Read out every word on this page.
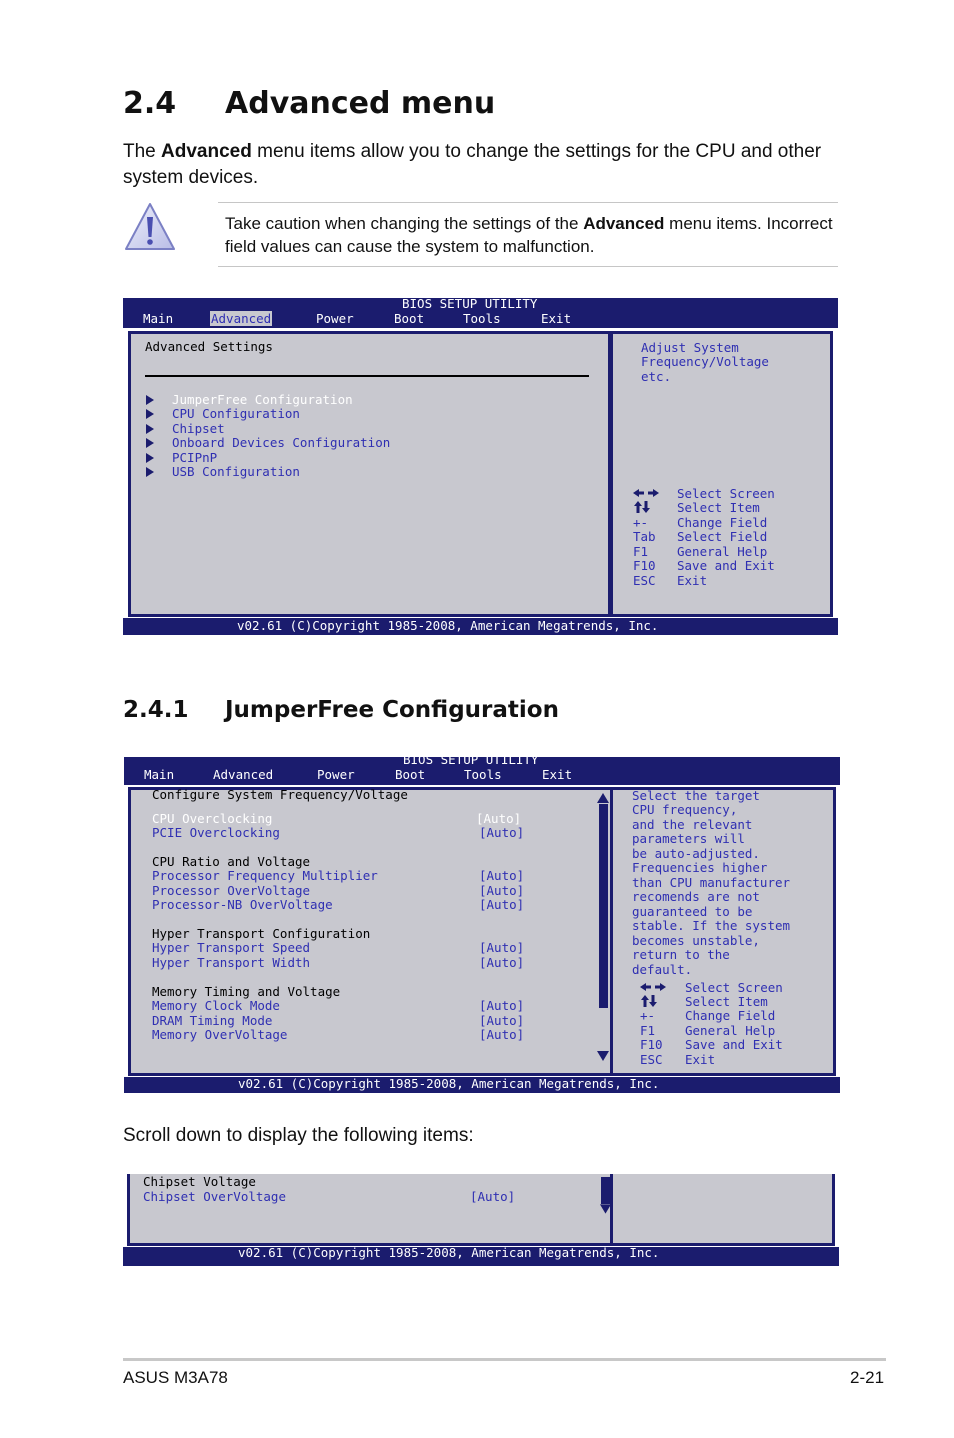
2.4 Advanced menu
The Advanced menu items allow you to change the settings for the CPU and other system devices.
Take caution when changing the settings of the Advanced menu items. Incorrect field values can cause the system to malfunction.
BIOS SETUP UTILITY
Main	Advanced	Power	Boot	Tools	Exit
Advanced Settings
JumperFree Configuration
CPU Configuration
Chipset
Onboard Devices Configuration
PCIPnP
USB Configuration
Adjust System
Frequency/Voltage
etc.
Select Screen
Select Item
+- Change Field
Tab Select Field
F1 General Help
F10 Save and Exit
ESC Exit
v02.61 (C)Copyright 1985-2008, American Megatrends, Inc.
2.4.1 JumperFree Configuration
BIOS SETUP UTILITY
Main	Advanced	Power	Boot	Tools	Exit
Configure System Frequency/Voltage
CPU Overclocking	[Auto]
PCIE Overclocking	[Auto]
CPU Ratio and Voltage
Processor Frequency Multiplier	[Auto]
Processor OverVoltage	[Auto]
Processor-NB OverVoltage	[Auto]
Hyper Transport Configuration
Hyper Transport Speed	[Auto]
Hyper Transport Width	[Auto]
Memory Timing and Voltage
Memory Clock Mode	[Auto]
DRAM Timing Mode	[Auto]
Memory OverVoltage	[Auto]
Select the target
CPU frequency,
and the relevant
parameters will
be auto-adjusted.
Frequencies higher
than CPU manufacturer
recomends are not
guaranteed to be
stable. If the system
becomes unstable,
return to the
default.
Select Screen
Select Item
+- Change Field
F1 General Help
F10 Save and Exit
ESC Exit
v02.61 (C)Copyright 1985-2008, American Megatrends, Inc.
Scroll down to display the following items:
Chipset Voltage
Chipset OverVoltage	[Auto]
v02.61 (C)Copyright 1985-2008, American Megatrends, Inc.
ASUS M3A78	2-21
